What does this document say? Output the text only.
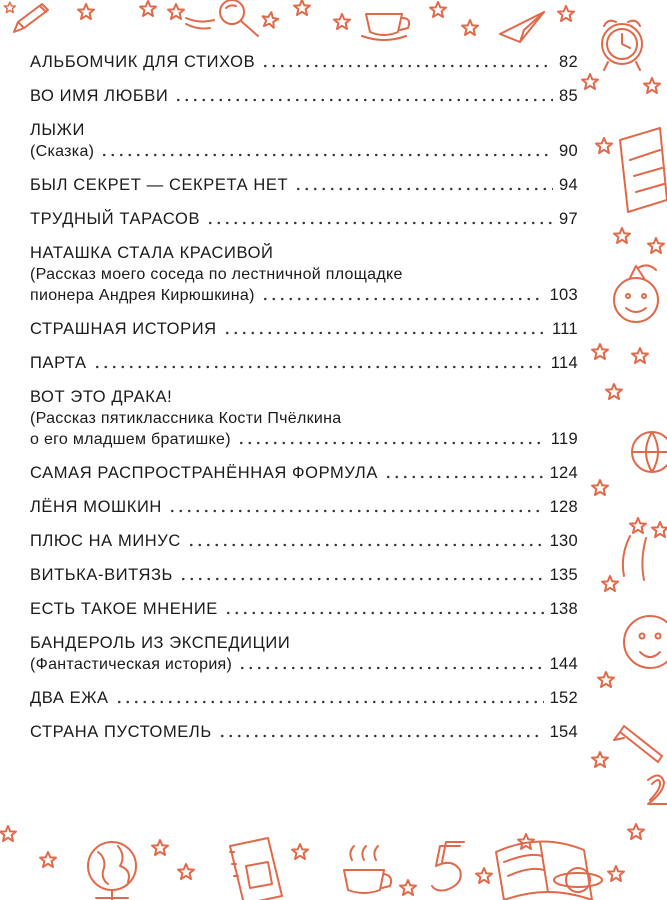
АЛЬБОМЧИК ДЛЯ СТИХОВ	82
ВО ИМЯ ЛЮБВИ	85
ЛЫЖИ
(Сказка)	90
БЫЛ СЕКРЕТ — СЕКРЕТА НЕТ	94
ТРУДНЫЙ ТАРАСОВ	97
НАТАШКА СТАЛА КРАСИВОЙ
(Рассказ моего соседа по лестничной площадке
пионера Андрея Кирюшкина)	103
СТРАШНАЯ ИСТОРИЯ	111
ПАРТА	114
ВОТ ЭТО ДРАКА!
(Рассказ пятиклассника Кости Пчёлкина
о его младшем братишке)	119
САМАЯ РАСПРОСТРАНЁННАЯ ФОРМУЛА	124
ЛЁНЯ МОШКИН	128
ПЛЮС НА МИНУС	130
ВИТЬКА-ВИТЯЗЬ	135
ЕСТЬ ТАКОЕ МНЕНИЕ	138
БАНДЕРОЛЬ ИЗ ЭКСПЕДИЦИИ
(Фантастическая история)	144
ДВА ЕЖА	152
СТРАНА ПУСТОМЕЛЬ	154
